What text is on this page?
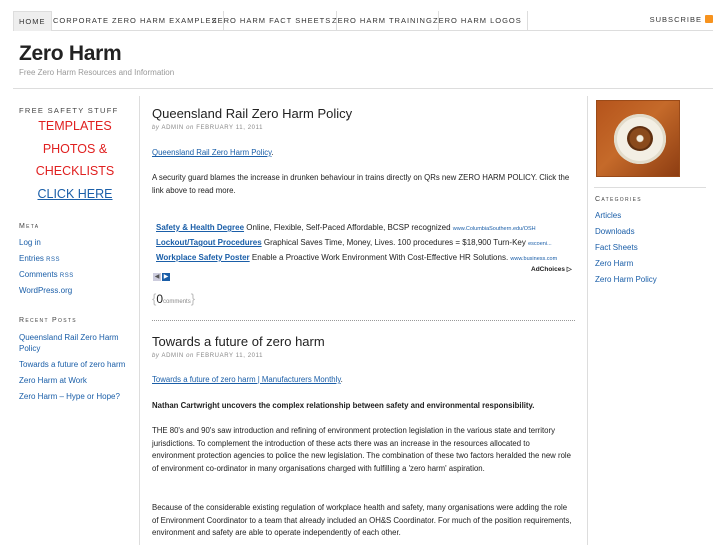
HOME	CORPORATE ZERO HARM EXAMPLES
ZERO HARM FACT SHEETS ZERO HARM TRAINING ZERO HARM LOGOS	SUBSCRIBE
Zero Harm
Free Zero Harm Resources and Information
FREE SAFETY STUFF
TEMPLATES
PHOTOS &
CHECKLISTS
CLICK HERE
Meta
Log in
Entries RSS
Comments RSS
WordPress.org
Recent Posts
Queensland Rail Zero Harm Policy
Towards a future of zero harm
Zero Harm at Work
Zero Harm – Hype or Hope?
Queensland Rail Zero Harm Policy
by ADMIN on FEBRUARY 11, 2011
Queensland Rail Zero Harm Policy.
A security guard blames the increase in drunken behaviour in trains directly on QRs new ZERO HARM POLICY. Click the link above to read more.
Safety & Health Degree Online, Flexible, Self-Paced Affordable, BCSP recognized www.ColumbiaSouthern.edu/OSH
Lockout/Tagout Procedures Graphical Saves Time, Money, Lives. 100 procedures = $18,900 Turn-Key escoeni...
Workplace Safety Poster Enable a Proactive Work Environment With Cost-Effective HR Solutions. www.business.com
◀ ▶
AdChoices ▷
{0comments}
Towards a future of zero harm
by ADMIN on FEBRUARY 11, 2011
Towards a future of zero harm | Manufacturers Monthly.
Nathan Cartwright uncovers the complex relationship between safety and environmental responsibility.
THE 80's and 90's saw introduction and refining of environment protection legislation in the various state and territory jurisdictions. To complement the introduction of these acts there was an increase in the resources allocated to environment protection agencies to police the new legislation. The combination of these two factors heralded the new role of environment co-ordinator in many organisations charged with fulfilling a 'zero harm' aspiration.
Because of the considerable existing regulation of workplace health and safety, many organisations were adding the role of Environment Coordinator to a team that already included an OH&S Coordinator. For much of the position requirements, environment and safety are able to operate independently of each other.
Categories
Articles
Downloads
Fact Sheets
Zero Harm
Zero Harm Policy
